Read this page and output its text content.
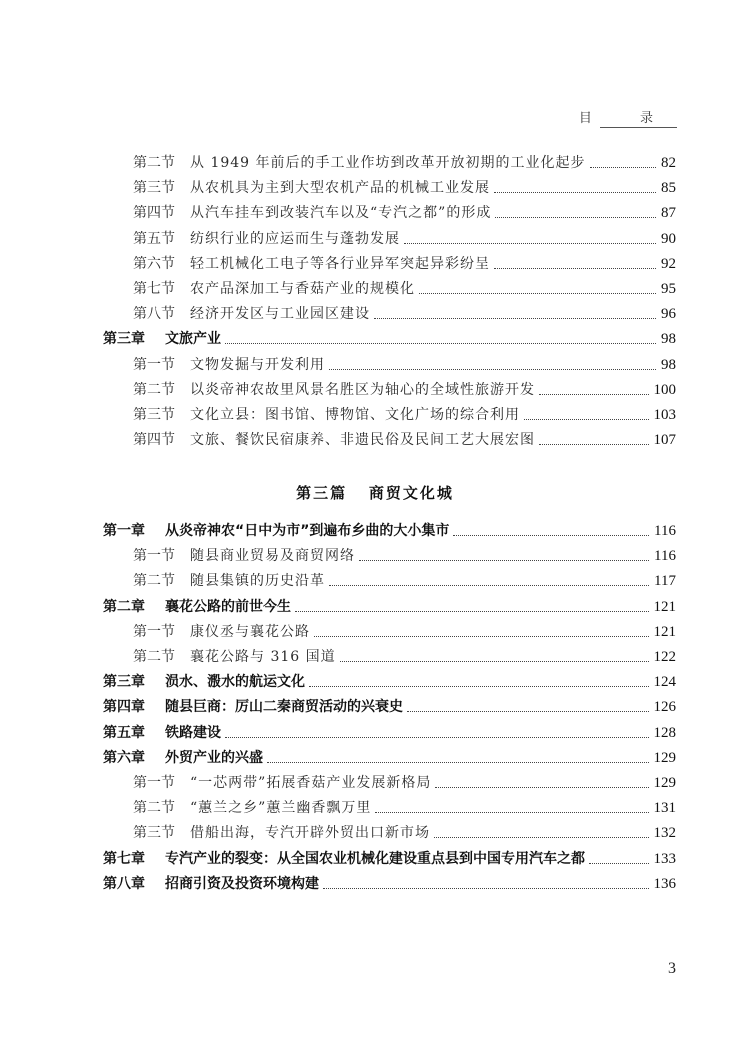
目 录
第二节 从 1949 年前后的手工业作坊到改革开放初期的工业化起步	82
第三节 从农机具为主到大型农机产品的机械工业发展	85
第四节 从汽车挂车到改装汽车以及“专汽之都”的形成	87
第五节 纺织行业的应运而生与蓬勃发展	90
第六节 轻工机械化工电子等各行业异军突起异彩纷呈	92
第七节 农产品深加工与香菇产业的规模化	95
第八节 经济开发区与工业园区建设	96
第三章 文旅产业	98
第一节 文物发掘与开发利用	98
第二节 以炎帝神农故里风景名胜区为轴心的全域性旅游开发	100
第三节 文化立县：图书馆、博物馆、文化广场的综合利用	103
第四节 文旅、餐饮民宿康养、非遗民俗及民间工艺大展宏图	107
第一章 从炎帝神农“日中为市”到遍布乡曲的大小集市	116
第一节 随县商业贸易及商贸网络	116
第二节 随县集镇的历史沿革	117
第二章 襄花公路的前世今生	121
第一节 康仪丞与襄花公路	121
第二节 襄花公路与 316 国道	122
第三章 涢水、溵水的航运文化	124
第四章 随县巨商：厉山二秦商贸活动的兴衰史	126
第五章 铁路建设	128
第六章 外贸产业的兴盛	129
第一节 “一芯两带”拓展香菇产业发展新格局	129
第二节 “蕙兰之乡”蕙兰幽香飘万里	131
第三节 借船出海，专汽开辟外贸出口新市场	132
第七章 专汽产业的裂变：从全国农业机械化建设重点县到中国专用汽车之都	133
第八章 招商引资及投资环境构建	136
第三篇 商贸文化城
3
